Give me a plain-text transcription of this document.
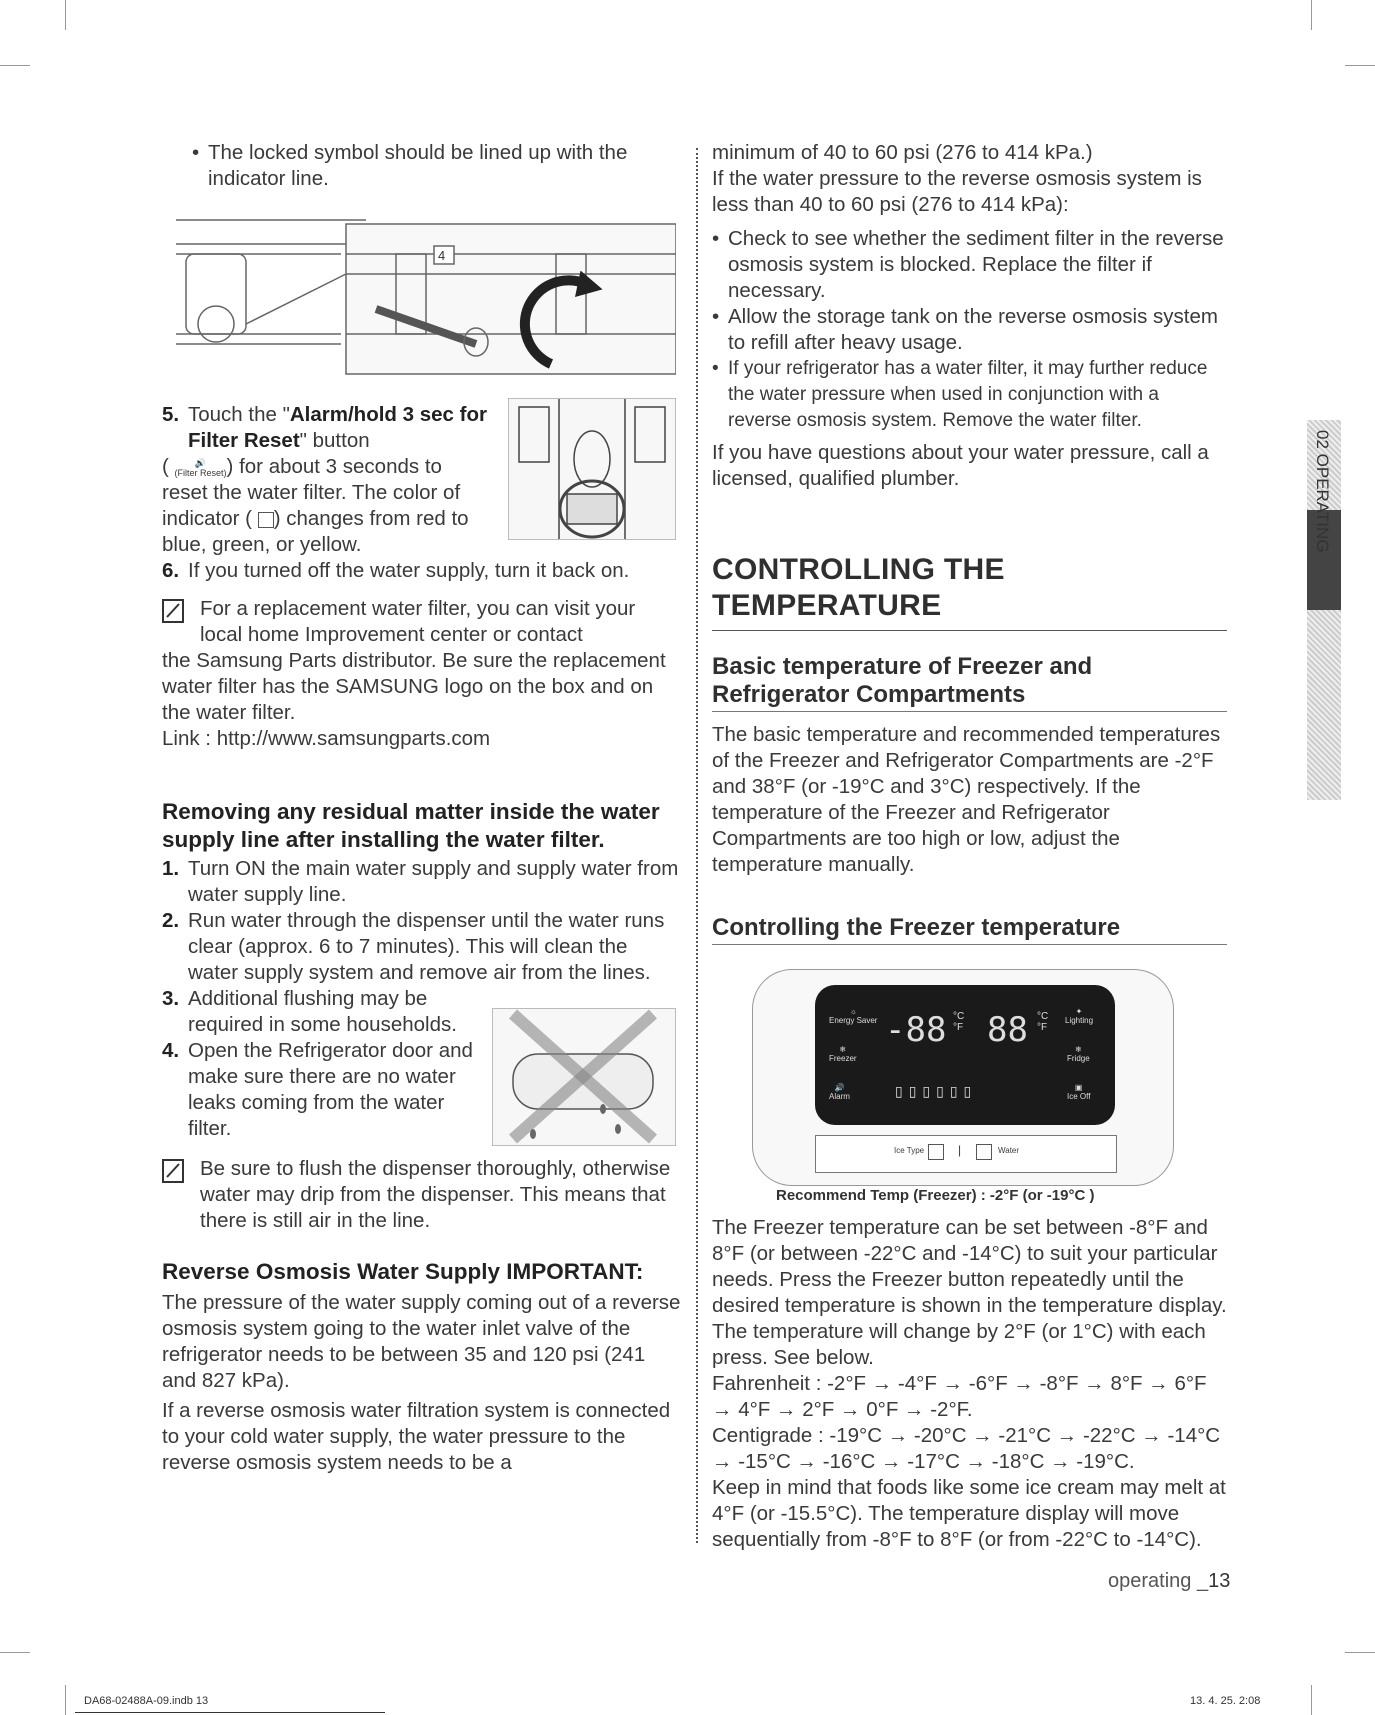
• The locked symbol should be lined up with the indicator line.
4
5. Touch the "Alarm/hold 3 sec for Filter Reset" button
(	🔊
(Filter Reset)) for about 3 seconds to reset the water filter. The color of indicator ( ) changes from red to blue, green, or yellow.
6. If you turned off the water supply, turn it back on.
For a replacement water filter, you can visit your local home Improvement center or contact

the Samsung Parts distributor. Be sure the replacement water filter has the SAMSUNG logo on the box and on the water filter.

Link : http://www.samsungparts.com

Removing any residual matter inside the water supply line after installing the water filter.
1. Turn ON the main water supply and supply water from water supply line.
2. Run water through the dispenser until the water runs clear (approx. 6 to 7 minutes). This will clean the water supply system and remove air from the lines.
3. Additional flushing may be required in some households.
4. Open the Refrigerator door and make sure there are no water leaks coming from the water filter.
Be sure to flush the dispenser thoroughly, otherwise water may drip from the dispenser. This means that there is still air in the line.
Reverse Osmosis Water Supply IMPORTANT:

The pressure of the water supply coming out of a reverse osmosis system going to the water inlet valve of the refrigerator needs to be between 35 and 120 psi (241 and 827 kPa).

If a reverse osmosis water filtration system is connected to your cold water supply, the water pressure to the reverse osmosis system needs to be a

minimum of 40 to 60 psi (276 to 414 kPa.)

If the water pressure to the reverse osmosis system is less than 40 to 60 psi (276 to 414 kPa):

• Check to see whether the sediment filter in the reverse osmosis system is blocked. Replace the filter if necessary.
• Allow the storage tank on the reverse osmosis system to refill after heavy usage.
• If your refrigerator has a water filter, it may further reduce the water pressure when used in conjunction with a reverse osmosis system. Remove the water filter.

If you have questions about your water pressure, call a licensed, qualified plumber.

CONTROLLING THE TEMPERATURE
Basic temperature of Freezer and Refrigerator Compartments

The basic temperature and recommended temperatures of the Freezer and Refrigerator Compartments are -2°F and 38°F (or -19°C and 3°C) respectively. If the temperature of the Freezer and Refrigerator Compartments are too high or low, adjust the temperature manually.

Controlling the Freezer temperature
☼
Energy Saver
❄
Freezer
🔊
Alarm
-88 °C
°F 88 °C
°F
✦
Lighting
❄
Fridge
▣
Ice Off
▯▯▯▯▯▯
Ice Type	|	Water
Recommend Temp (Freezer) : -2°F (or -19°C )

The Freezer temperature can be set between -8°F and 8°F (or between -22°C and -14°C) to suit your particular needs. Press the Freezer button repeatedly until the desired temperature is shown in the temperature display. The temperature will change by 2°F (or 1°C) with each press. See below.

Fahrenheit : -2°F → -4°F → -6°F → -8°F → 8°F → 6°F → 4°F → 2°F → 0°F → -2°F.

Centigrade : -19°C → -20°C → -21°C → -22°C → -14°C → -15°C → -16°C → -17°C → -18°C → -19°C.

Keep in mind that foods like some ice cream may melt at 4°F (or -15.5°C). The temperature display will move sequentially from -8°F to 8°F (or from -22°C to -14°C).

02 OPERATING
operating _13
DA68-02488A-09.indb 13	13. 4. 25. 2:08
